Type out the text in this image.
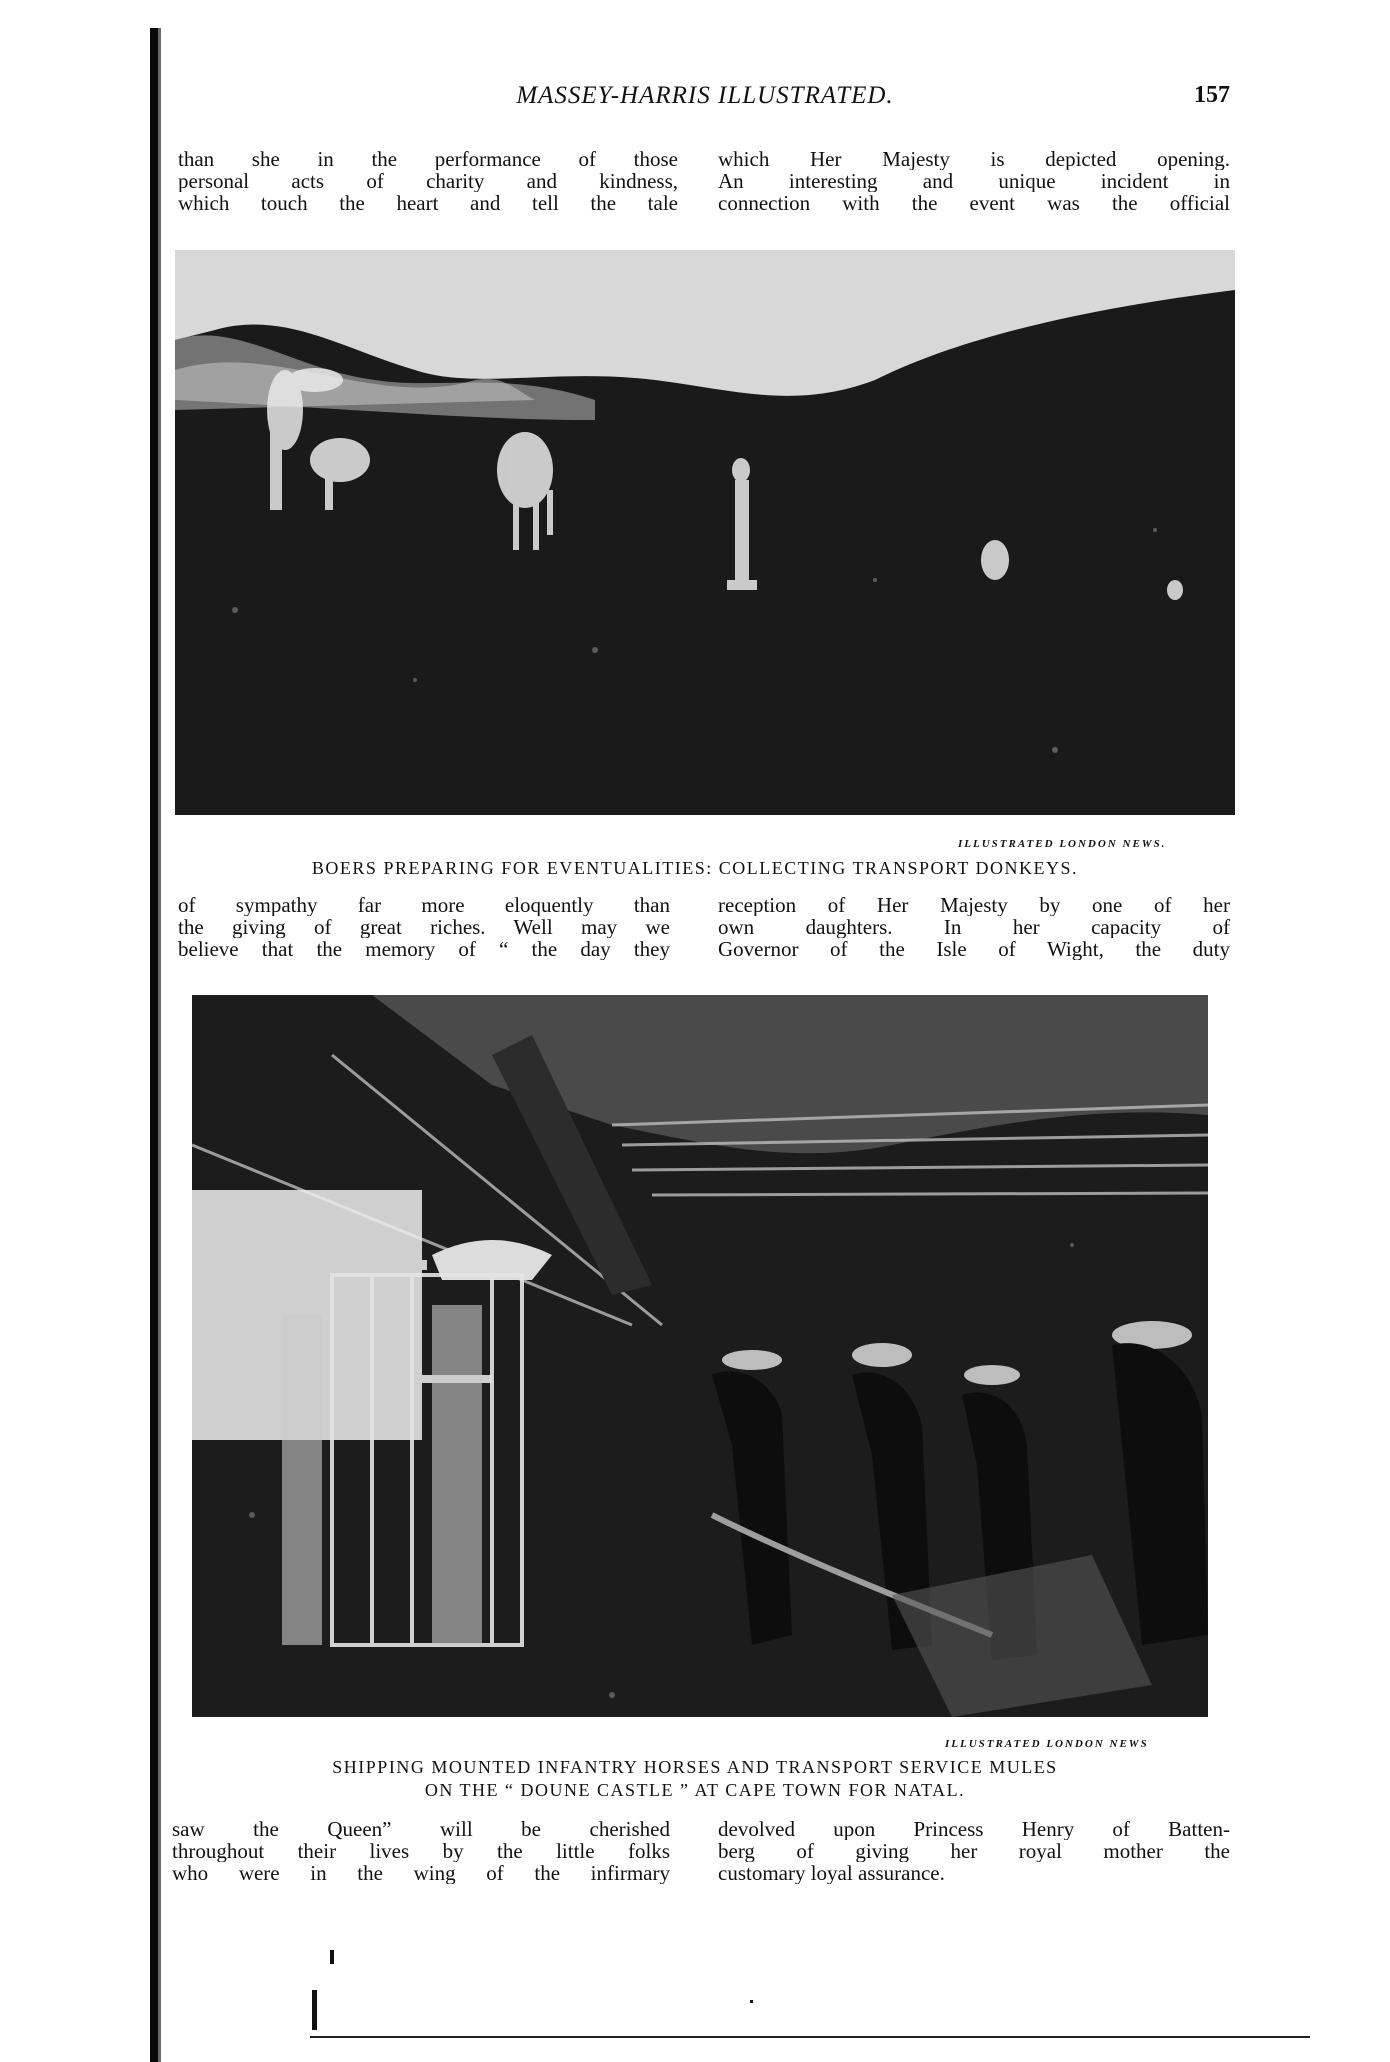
MASSEY-HARRIS ILLUSTRATED.	157
than she in the performance of those
personal acts of charity and kindness,
which touch the heart and tell the tale
which Her Majesty is depicted opening.
An interesting and unique incident in
connection with the event was the official
ILLUSTRATED LONDON NEWS.
BOERS PREPARING FOR EVENTUALITIES: COLLECTING TRANSPORT DONKEYS.
of sympathy far more eloquently than
the giving of great riches. Well may we
believe that the memory of “ the day they
reception of Her Majesty by one of her
own daughters. In her capacity of
Governor of the Isle of Wight, the duty
ILLUSTRATED LONDON NEWS
SHIPPING MOUNTED INFANTRY HORSES AND TRANSPORT SERVICE MULES
ON THE “ DOUNE CASTLE ” AT CAPE TOWN FOR NATAL.
saw the Queen” will be cherished
throughout their lives by the little folks
who were in the wing of the infirmary
devolved upon Princess Henry of Batten-
berg of giving her royal mother the
customary loyal assurance.
